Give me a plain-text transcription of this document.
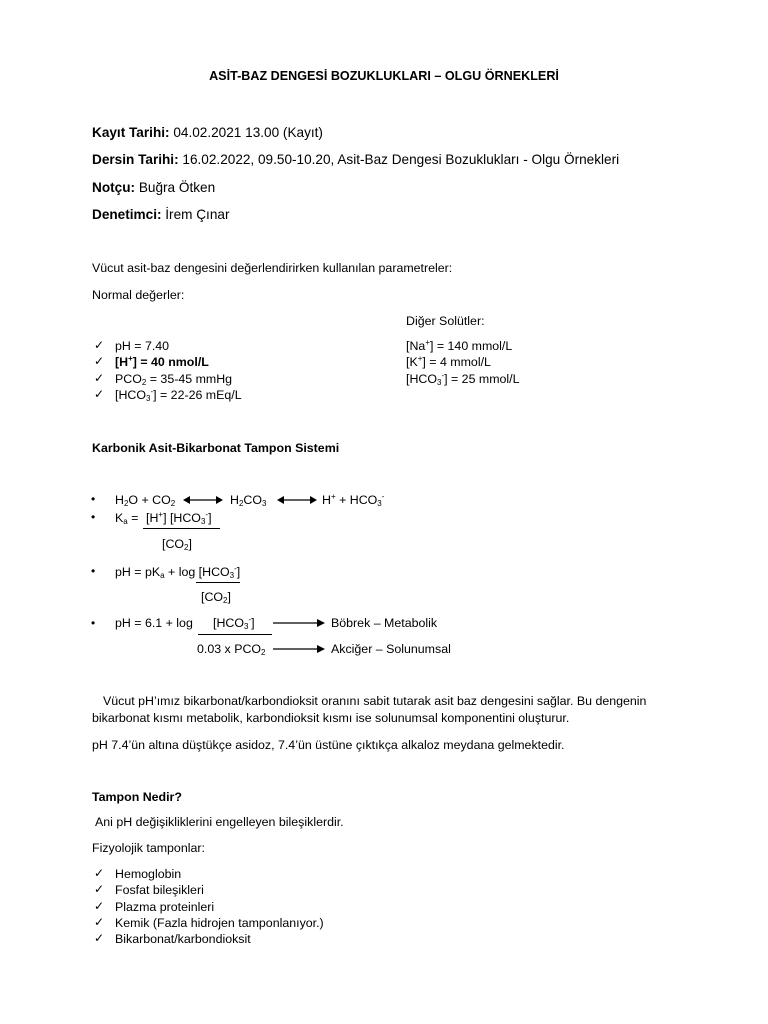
ASİT-BAZ DENGESİ BOZUKLUKLARI – OLGU ÖRNEKLERİ
Kayıt Tarihi: 04.02.2021 13.00 (Kayıt)
Dersin Tarihi: 16.02.2022, 09.50-10.20, Asit-Baz Dengesi Bozuklukları - Olgu Örnekleri
Notçu: Buğra Ötken
Denetimci: İrem Çınar
Vücut asit-baz dengesini değerlendirirken kullanılan parametreler:
Normal değerler:
Diğer Solütler:
✓ pH = 7.40
✓ [H+] = 40 nmol/L
✓ $PCO_2 = 35-45$ mmHg
✓ $[HCO_3^-] = 22-26$ mEq/L
[Na+] = 140 mmol/L
[K+] = 4 mmol/L
$[HCO_3^-] = 25$ mmol/L
Karbonik Asit-Bikarbonat Tampon Sistemi
•	$H_2O + CO_2$	$H_2CO_3$	$H^+ + HCO_3^-$
•	$K_a = [H^+]$ $[HCO_3^-]$
$[CO_2]$
•	pH = $pK_a + \log [HCO_3^-]$
$[CO_2]$
•	pH = $6.1 + \log [HCO_3^-]$	Böbrek – Metabolik
0.03 x $PCO_2$	Akciğer – Solunumsal
Vücut pH’ımız bikarbonat/karbondioksit oranını sabit tutarak asit baz dengesini sağlar. Bu dengenin
bikarbonat kısmı metabolik, karbondioksit kısmı ise solunumsal komponentini oluşturur.
pH 7.4’ün altına düştükçe asidoz, 7.4’ün üstüne çıktıkça alkaloz meydana gelmektedir.
Tampon Nedir?
Ani pH değişikliklerini engelleyen bileşiklerdir.
Fizyolojik tamponlar:
✓ Hemoglobin
✓ Fosfat bileşikleri
✓ Plazma proteinleri
✓ Kemik (Fazla hidrojen tamponlanıyor.)
✓ Bikarbonat/karbondioksit
